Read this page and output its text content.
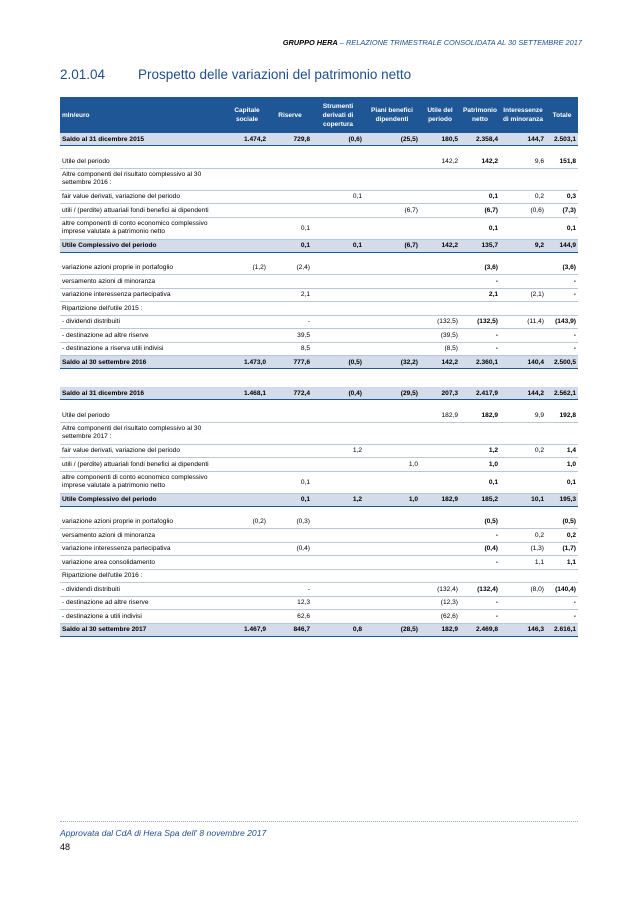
GRUPPO HERA – RELAZIONE TRIMESTRALE CONSOLIDATA AL 30 SETTEMBRE 2017
2.01.04 Prospetto delle variazioni del patrimonio netto
mln/euro	Capitale sociale	Riserve	Strumenti derivati di copertura	Piani benefici dipendenti	Utile del periodo	Patrimonio netto	Interessenze di minoranza	Totale
Saldo al 31 dicembre 2015	1.474,2	729,8	(0,6)	(25,5)	180,5	2.358,4	144,7	2.503,1

Utile del periodo					142,2	142,2	9,6	151,8
Altre componenti del risultato complessivo al 30 settembre 2016 :								
fair value derivati, variazione del periodo			0,1			0,1	0,2	0,3
utili / (perdite) attuariali fondi benefici ai dipendenti				(6,7)		(6,7)	(0,6)	(7,3)
altre componenti di conto economico complessivo imprese valutate a patrimonio netto		0,1				0,1		0,1
Utile Complessivo del periodo		0,1	0,1	(6,7)	142,2	135,7	9,2	144,9

variazione azioni proprie in portafoglio	(1,2)	(2,4)				(3,6)		(3,6)
versamento azioni di minoranza						-		-
variazione interessenza partecipativa		2,1				2,1	(2,1)	-
Ripartizione dell'utile 2015 :								
- dividendi distribuiti		-			(132,5)	(132,5)	(11,4)	(143,9)
- destinazione ad altre riserve		39,5			(39,5)	-		-
- destinazione a riserva utili indivisi		8,5			(8,5)	-		-
Saldo al 30 settembre 2016	1.473,0	777,6	(0,5)	(32,2)	142,2	2.360,1	140,4	2.500,5

Saldo al 31 dicembre 2016	1.468,1	772,4	(0,4)	(29,5)	207,3	2.417,9	144,2	2.562,1

Utile del periodo					182,9	182,9	9,9	192,8
Altre componenti del risultato complessivo al 30 settembre 2017 :								
fair value derivati, variazione del periodo			1,2			1,2	0,2	1,4
utili / (perdite) attuariali fondi benefici ai dipendenti				1,0		1,0		1,0
altre componenti di conto economico complessivo imprese valutate a patrimonio netto		0,1				0,1		0,1
Utile Complessivo del periodo		0,1	1,2	1,0	182,9	185,2	10,1	195,3

variazione azioni proprie in portafoglio	(0,2)	(0,3)				(0,5)		(0,5)
versamento azioni di minoranza						-	0,2	0,2
variazione interessenza partecipativa		(0,4)				(0,4)	(1,3)	(1,7)
variazione area consolidamento						-	1,1	1,1
Ripartizione dell'utile 2016 :								
- dividendi distribuiti		-			(132,4)	(132,4)	(8,0)	(140,4)
- destinazione ad altre riserve		12,3			(12,3)	-		-
- destinazione a utili indivisi		62,6			(62,6)	-		-
Saldo al 30 settembre 2017	1.467,9	846,7	0,8	(28,5)	182,9	2.469,8	146,3	2.616,1
Approvata dal CdA di Hera Spa dell' 8 novembre 2017
48
